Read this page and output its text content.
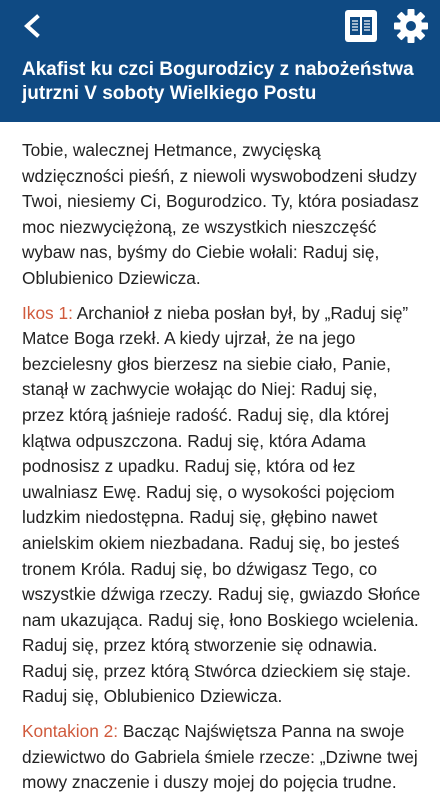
Akafist ku czci Bogurodzicy z nabożeństwa jutrzni V soboty Wielkiego Postu

Tobie, walecznej Hetmance, zwycięską wdzięczności pieśń, z niewoli wyswobodzeni słudzy Twoi, niesiemy Ci, Bogurodzico. Ty, która posiadasz moc niezwyciężoną, ze wszystkich nieszczęść wybaw nas, byśmy do Ciebie wołali: Raduj się, Oblubienico Dziewicza.

Ikos 1: Archanioł z nieba posłan był, by „Raduj się” Matce Boga rzekł. A kiedy ujrzał, że na jego bezcielesny głos bierzesz na siebie ciało, Panie, stanął w zachwycie wołając do Niej: Raduj się, przez którą jaśnieje radość. Raduj się, dla której klątwa odpuszczona. Raduj się, która Adama podnosisz z upadku. Raduj się, która od łez uwalniasz Ewę. Raduj się, o wysokości pojęciom ludzkim niedostępna. Raduj się, głębino nawet anielskim okiem niezbadana. Raduj się, bo jesteś tronem Króla. Raduj się, bo dźwigasz Tego, co wszystkie dźwiga rzeczy. Raduj się, gwiazdo Słońce nam ukazująca. Raduj się, łono Boskiego wcielenia. Raduj się, przez którą stworzenie się odnawia. Raduj się, przez którą Stwórca dzieckiem się staje. Raduj się, Oblubienico Dziewicza.

Kontakion 2: Bacząc Najświętsza Panna na swoje dziewictwo do Gabriela śmiele rzecze: „Dziwne twej mowy znaczenie i duszy mojej do pojęcia trudne.
